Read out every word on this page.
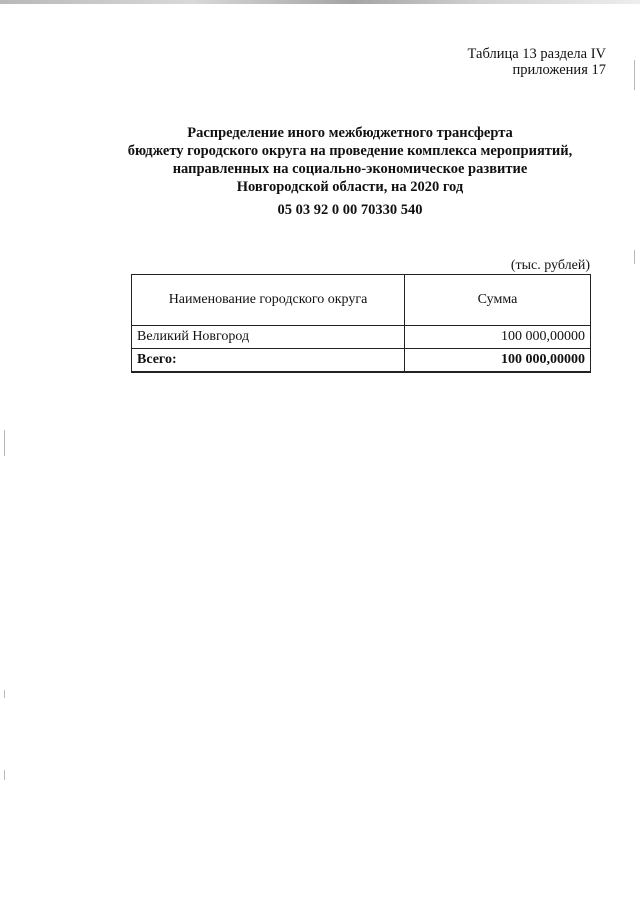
Таблица 13 раздела IV
приложения 17
Распределение иного межбюджетного трансферта
бюджету городского округа на проведение комплекса мероприятий,
направленных на социально-экономическое развитие
Новгородской области, на 2020 год
05 03 92 0 00 70330 540
(тыс. рублей)
Наименование городского округа	Сумма
Великий Новгород	100 000,00000
Всего:	100 000,00000
